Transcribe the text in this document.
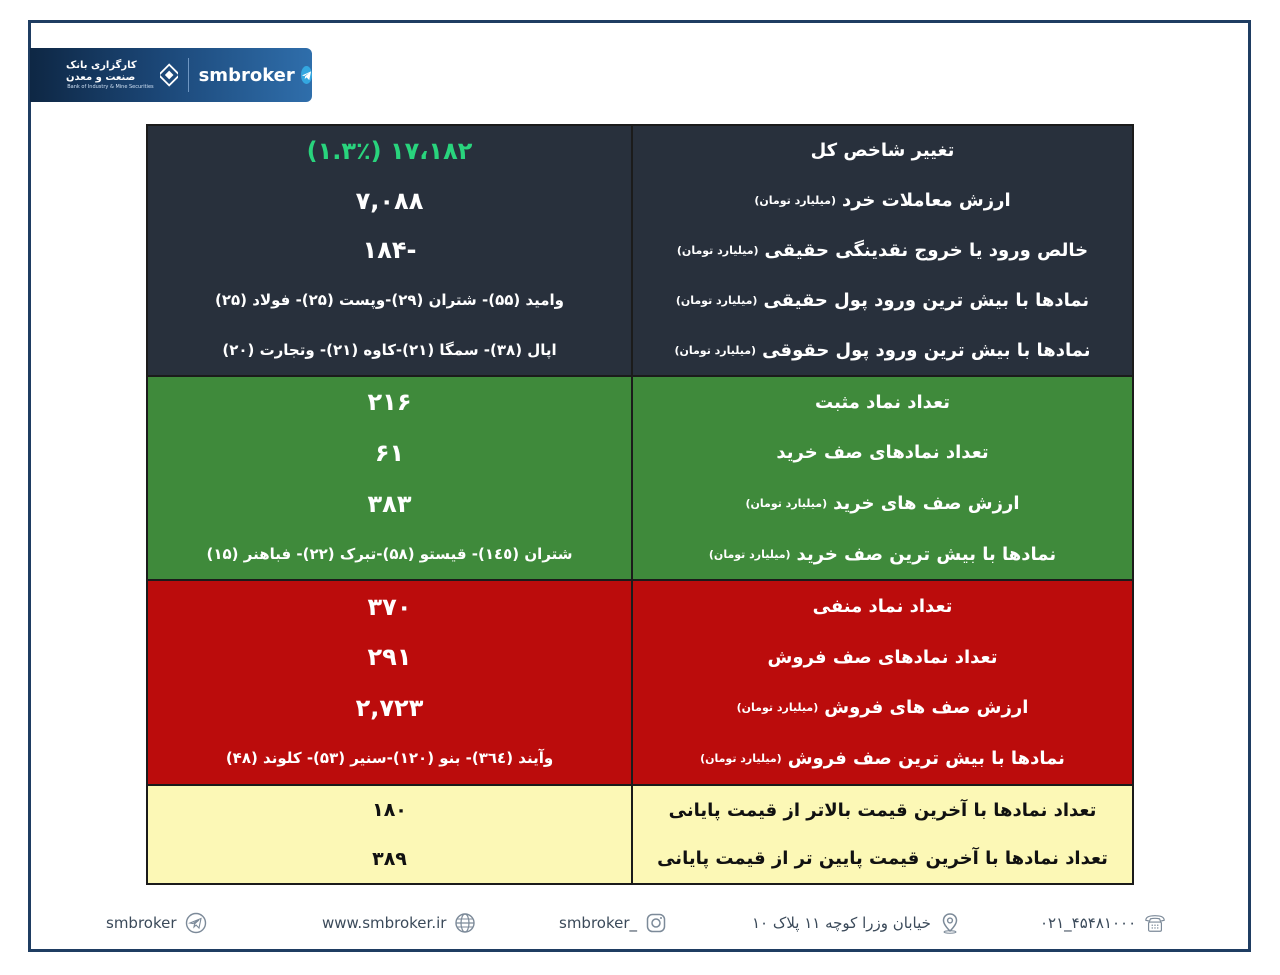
کارگزاری بانک صنعت و معدن
Bank of Industry & Mine Securities
smbroker
۱۷،۱۸۲ (۱.۳٪)	تغییر شاخص کل
۷,۰۸۸	ارزش معاملات خرد
(میلیارد تومان)
-۱۸۴	خالص ورود یا خروج نقدینگی حقیقی
(میلیارد تومان)
وامید (۵۵)- شتران (۲۹)-وپست (۲۵)- فولاد (۲۵)	نمادها با بیش ترین ورود پول حقیقی
(میلیارد تومان)
اپال (۳۸)- سمگا (۲۱)-کاوه (۲۱)- وتجارت (۲۰)	نمادها با بیش ترین ورود پول حقوقی
(میلیارد تومان)
۲۱۶	تعداد نماد مثبت
۶۱	تعداد نمادهای صف خرید
۳۸۳	ارزش صف های خرید
(میلیارد تومان)
شتران (۱٤٥)- قیستو (۵۸)-تبرک (۲۲)- فباهنر (۱۵)	نمادها با بیش ترین صف خرید
(میلیارد تومان)
۳۷۰	تعداد نماد منفی
۲۹۱	تعداد نمادهای صف فروش
۲,۷۲۳	ارزش صف های فروش
(میلیارد تومان)
وآیند (٣٦٤)- بنو (۱۲۰)-سنیر (۵۳)- کلوند (۴۸)	نمادها با بیش ترین صف فروش
(میلیارد تومان)
۱۸۰	تعداد نمادها با آخرین قیمت بالاتر از قیمت پایانی
۳۸۹	تعداد نمادها با آخرین قیمت پایین تر از قیمت پایانی
smbroker	www.smbroker.ir	smbroker_	خیابان وزرا کوچه ۱۱ پلاک ۱۰	۰۲۱_۴۵۴۸۱۰۰۰
